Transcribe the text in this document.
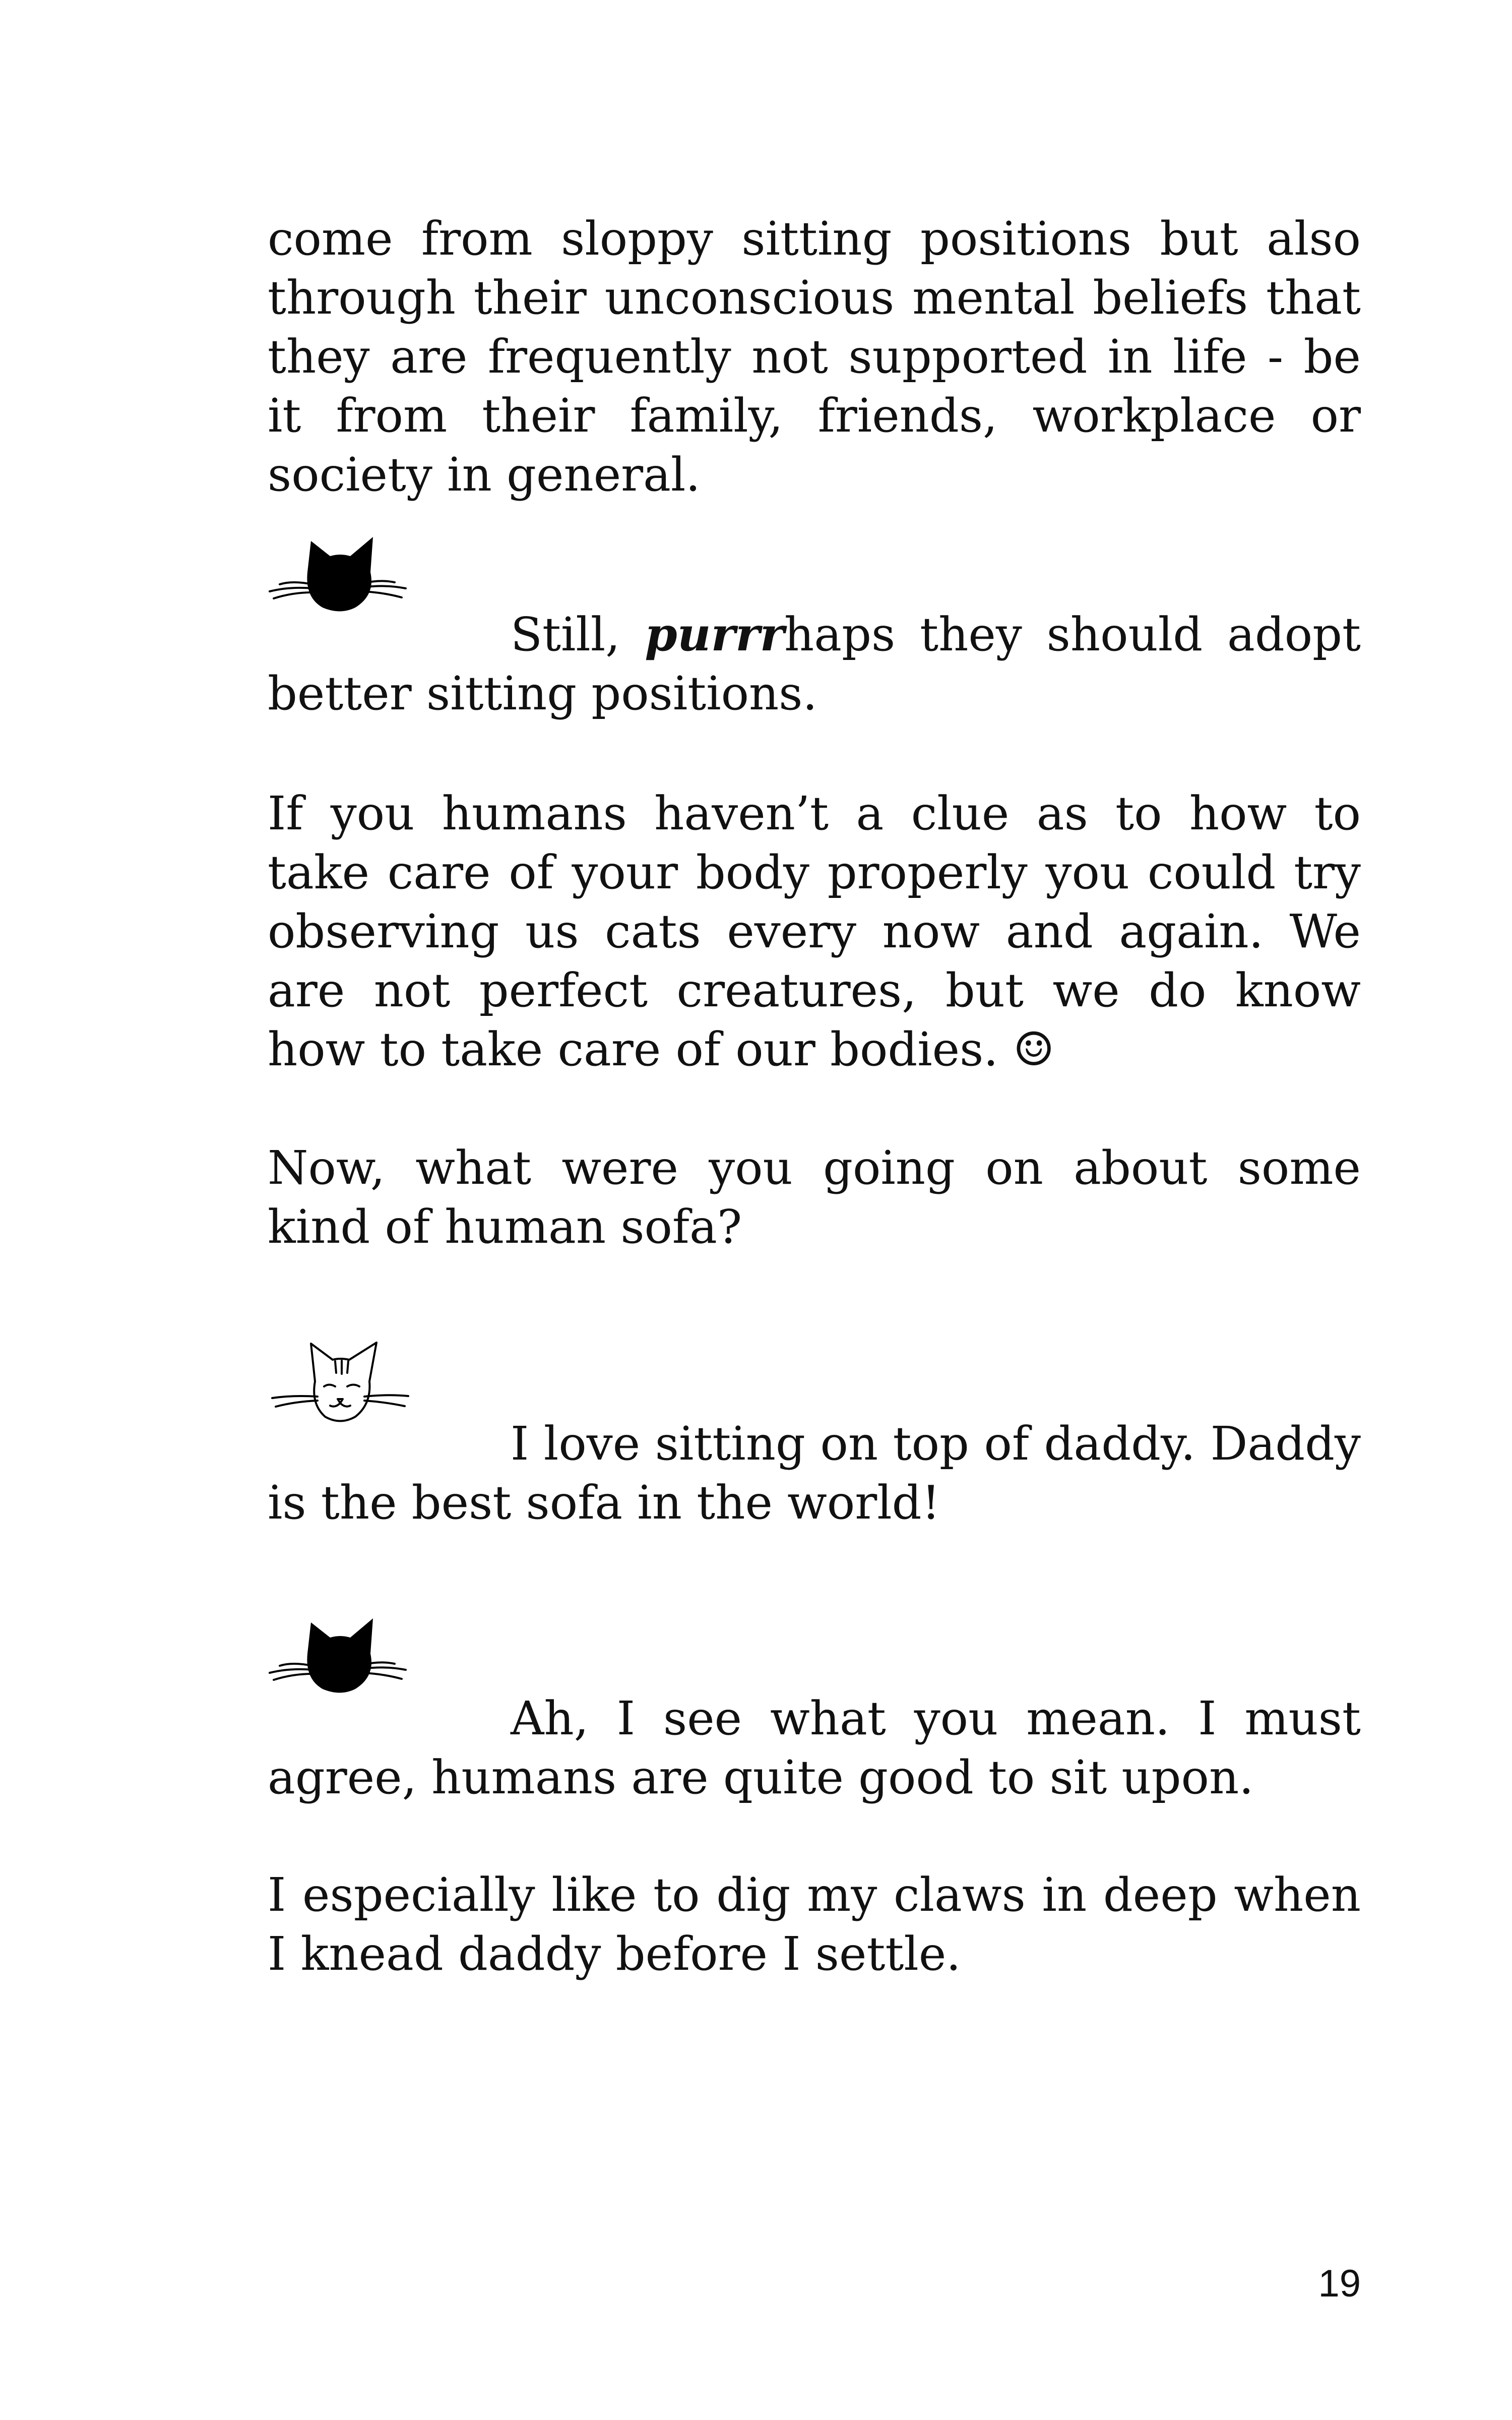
come from sloppy sitting positions but also through their unconscious mental beliefs that they are frequently not supported in life - be it from their family, friends, workplace or society in general.

Still, purrrhaps they should adopt better sitting positions.

If you humans haven’t a clue as to how to take care of your body properly you could try observing us cats every now and again. We are not perfect creatures, but we do know how to take care of our bodies. ☺

Now, what were you going on about some kind of human sofa?

I love sitting on top of daddy. Daddy is the best sofa in the world!

Ah, I see what you mean. I must agree, humans are quite good to sit upon.

I especially like to dig my claws in deep when I knead daddy before I settle.

19
